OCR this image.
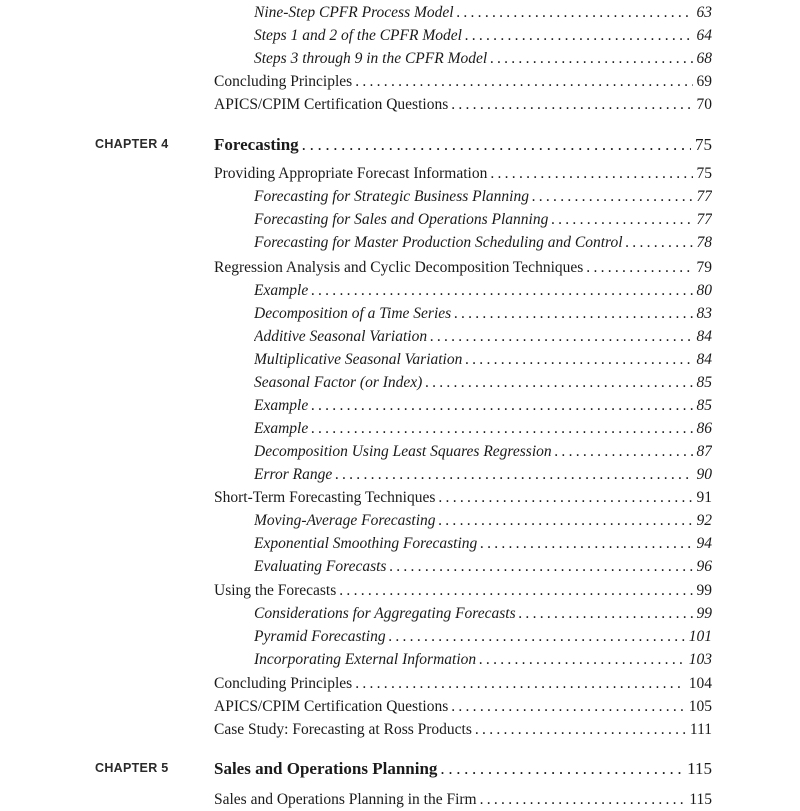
Nine-Step CPFR Process Model . . .	63
Steps 1 and 2 of the CPFR Model . . .	64
Steps 3 through 9 in the CPFR Model . . .	68
Concluding Principles . . .	69
APICS/CPIM Certification Questions . . .	70
CHAPTER 4	Forecasting . . .	75
Providing Appropriate Forecast Information . . .	75
Forecasting for Strategic Business Planning . . .	77
Forecasting for Sales and Operations Planning . . .	77
Forecasting for Master Production Scheduling and Control . . .	78
Regression Analysis and Cyclic Decomposition Techniques . . .	79
Example . . .	80
Decomposition of a Time Series . . .	83
Additive Seasonal Variation . . .	84
Multiplicative Seasonal Variation . . .	84
Seasonal Factor (or Index) . . .	85
Example . . .	85
Example . . .	86
Decomposition Using Least Squares Regression . . .	87
Error Range . . .	90
Short-Term Forecasting Techniques . . .	91
Moving-Average Forecasting . . .	92
Exponential Smoothing Forecasting . . .	94
Evaluating Forecasts . . .	96
Using the Forecasts . . .	99
Considerations for Aggregating Forecasts . . .	99
Pyramid Forecasting . . .	101
Incorporating External Information . . .	103
Concluding Principles . . .	104
APICS/CPIM Certification Questions . . .	105
Case Study: Forecasting at Ross Products . . .	111
CHAPTER 5	Sales and Operations Planning . . .	115
Sales and Operations Planning in the Firm . . .	115
